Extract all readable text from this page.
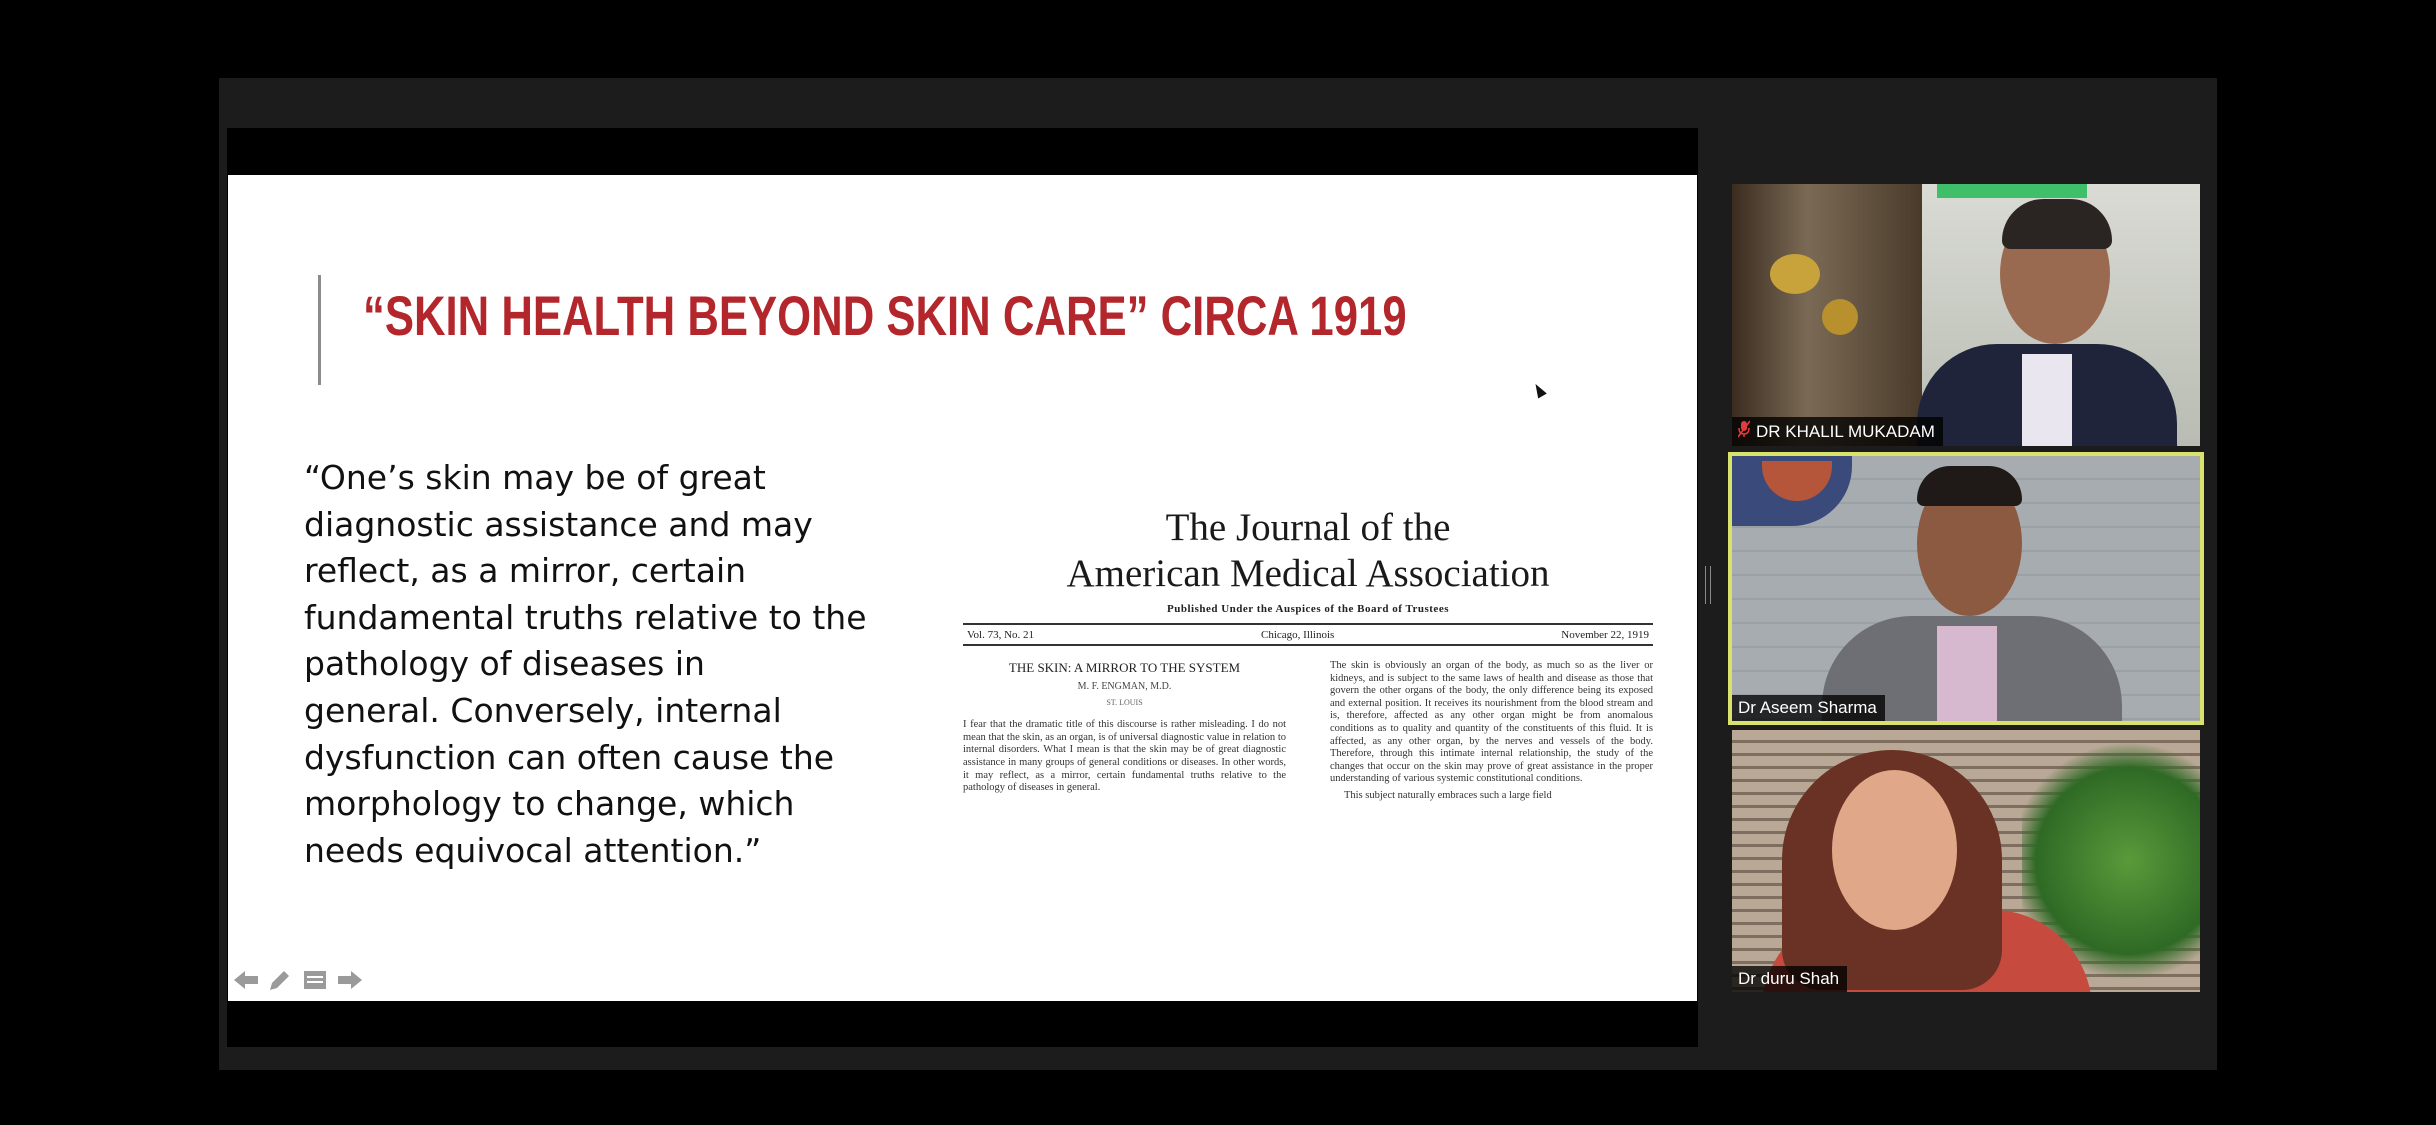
“SKIN HEALTH BEYOND SKIN CARE” CIRCA 1919

“One’s skin may be of great

diagnostic assistance and may

reflect, as a mirror, certain

fundamental truths relative to the

pathology of diseases in

general. Conversely, internal

dysfunction can often cause the

morphology to change, which

needs equivocal attention.”

The Journal of the
American Medical Association
Published Under the Auspices of the Board of Trustees
Vol. 73, No. 21	Chicago, Illinois	November 22, 1919
THE SKIN: A MIRROR TO THE SYSTEM
M. F. ENGMAN, M.D.
ST. LOUIS

I fear that the dramatic title of this discourse is rather misleading. I do not mean that the skin, as an organ, is of universal diagnostic value in relation to internal disorders. What I mean is that the skin may be of great diagnostic assistance in many groups of general conditions or diseases. In other words, it may reflect, as a mirror, certain fundamental truths relative to the pathology of diseases in general.

The skin is obviously an organ of the body, as much so as the liver or kidneys, and is subject to the same laws of health and disease as those that govern the other organs of the body, the only difference being its exposed and external position. It receives its nourishment from the blood stream and is, therefore, affected as any other organ might be from anomalous conditions as to quality and quantity of the constituents of this fluid. It is affected, as any other organ, by the nerves and vessels of the body. Therefore, through this intimate internal relationship, the study of the changes that occur on the skin may prove of great assistance in the proper understanding of various systemic constitutional conditions.

This subject naturally embraces such a large field

DR KHALIL MUKADAM
Dr Aseem Sharma
Dr duru Shah
